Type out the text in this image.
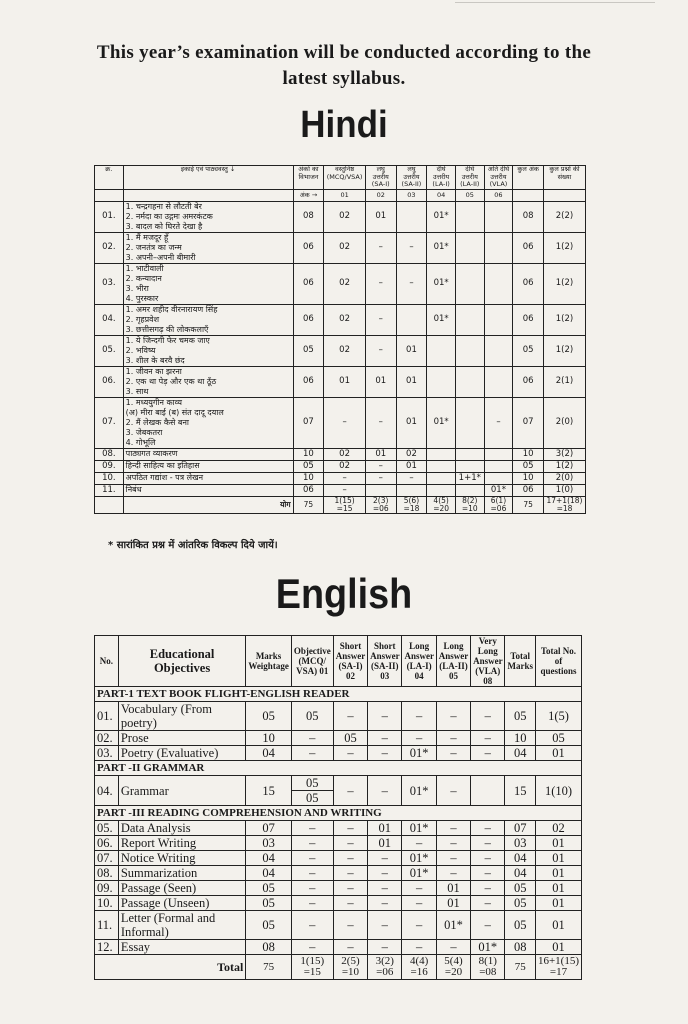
This year’s examination will be conducted according to the
latest syllabus.
Hindi
क्र.	इकाई एवं पाठ्यवस्तु ↓	अंकों का विभाजन	वस्तुनिष्ठ (MCQ/VSA)	लघु उत्तरीय (SA-I)	लघु उत्तरीय (SA-II)	दीर्घ उत्तरीय (LA-I)	दीर्घ उत्तरीय (LA-II)	अति दीर्घ उत्तरीय (VLA)	कुल अंक	कुल प्रश्नों की संख्या
		अंक →	01	02	03	04	05	06		
01.	1. चन्द्रगहना से लौटती बेर
2. नर्मदा का उद्गमः अमरकंटक
3. बादल को घिरते देखा है	08	02	01		01*			08	2(2)
02.	1. मैं मजदूर हूँ
2. जनतंत्र का जन्म
3. अपनी–अपनी बीमारी	06	02	–	–	01*			06	1(2)
03.	1. भाटीवाली
2. कन्यादान
3. भीरा
4. पुरस्कार	06	02	–	–	01*			06	1(2)
04.	1. अमर शहीद वीरनारायण सिंह
2. गृहप्रवेश
3. छत्तीसगढ़ की लोककलाएँ	06	02	–		01*			06	1(2)
05.	1. ये जिन्दगी फेर चमक जाए
2. भविष्य
3. शील के बरवै छंद	05	02	–	01				05	1(2)
06.	1. जीवन का झरना
2. एक था पेड़ और एक था ठूँठ
3. साथ	06	01	01	01				06	2(1)
07.	1. मध्ययुगीन काव्य
(अ) मीरा बाई (ब) संत दादू दयाल
2. मैं लेखक कैसे बना
3. जेबकतरा
4. गोभूलि	07	–	–	01	01*		–	07	2(0)
08.	पाठ्यगत व्याकरण	10	02	01	02				10	3(2)
09.	हिन्दी साहित्य का इतिहास	05	02	–	01				05	1(2)
10.	अपठित गद्यांश - पत्र लेखन	10	–	–	–		1+1*		10	2(0)
11.	निबंध	06	–					01*	06	1(0)
	योग	75	1(15) =15	2(3) =06	5(6) =18	4(5) =20	8(2) =10	6(1) =06	75	17+1(18) =18
* सारांकित प्रश्न में आंतरिक विकल्प दिये जायें।
English
No.	Educational Objectives	Marks Weightage	Objective (MCQ/ VSA) 01	Short Answer (SA-I) 02	Short Answer (SA-II) 03	Long Answer (LA-I) 04	Long Answer (LA-II) 05	Very Long Answer (VLA) 08	Total Marks	Total No. of questions
PART-1 TEXT BOOK FLIGHT-ENGLISH READER										
01.	Vocabulary (From poetry)	05	05	–	–	–	–	–	05	1(5)
02.	Prose	10	–	05	–	–	–	–	10	05
03.	Poetry (Evaluative)	04	–	–	–	01*	–	–	04	01
PART -II GRAMMAR										
04.	Grammar	15	05	–	–	01*	–		15	1(10)
			05							
PART -III READING COMPREHENSION AND WRITING										
05.	Data Analysis	07	–	–	01	01*	–	–	07	02
06.	Report Writing	03	–	–	01	–	–	–	03	01
07.	Notice Writing	04	–	–	–	01*	–	–	04	01
08.	Summarization	04	–	–	–	01*	–	–	04	01
09.	Passage (Seen)	05	–	–	–	–	01	–	05	01
10.	Passage (Unseen)	05	–	–	–	–	01	–	05	01
11.	Letter (Formal and Informal)	05	–	–	–	–	01*	–	05	01
12.	Essay	08	–	–	–	–	–	01*	08	01
Total		75	1(15) =15	2(5) =10	3(2) =06	4(4) =16	5(4) =20	8(1) =08	75	16+1(15) =17
